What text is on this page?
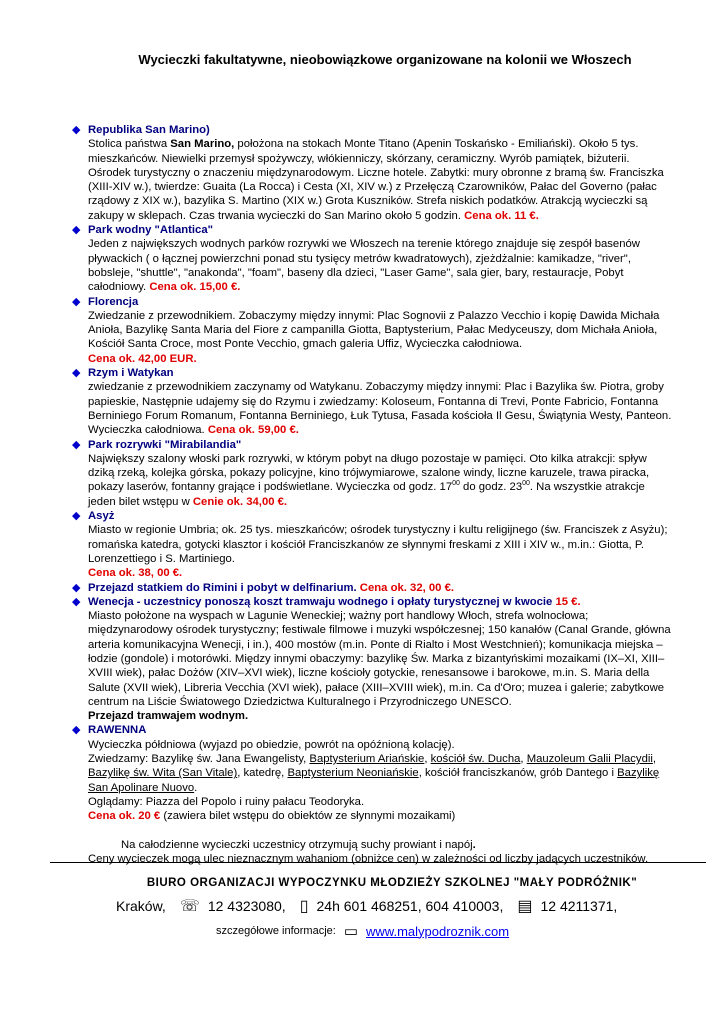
Wycieczki fakultatywne, nieobowiązkowe organizowane na kolonii we Włoszech
◆ Republika San Marino)
Stolica państwa San Marino, położona na stokach Monte Titano (Apenin Toskańsko - Emiliański). Około 5 tys. mieszkańców. Niewielki przemysł spożywczy, włókienniczy, skórzany, ceramiczny. Wyrób pamiątek, biżuterii. Ośrodek turystyczny o znaczeniu międzynarodowym. Liczne hotele. Zabytki: mury obronne z bramą św. Franciszka (XIII-XIV w.), twierdze: Guaita (La Rocca) i Cesta (XI, XIV w.) z Przełęczą Czarowników, Pałac del Governo (pałac rządowy z XIX w.), bazylika S. Martino (XIX w.) Grota Kuszników. Strefa niskich podatków. Atrakcją wycieczki są zakupy w sklepach. Czas trwania wycieczki do San Marino około 5 godzin. Cena ok. 11 €.
◆ Park wodny "Atlantica"
Jeden z największych wodnych parków rozrywki we Włoszech na terenie którego znajduje się zespół basenów pływackich ( o łącznej powierzchni ponad stu tysięcy metrów kwadratowych), zjeżdżalnie: kamikadze, "river", bobsleje, "shuttle", "anakonda", "foam", baseny dla dzieci, "Laser Game", sala gier, bary, restauracje, Pobyt całodniowy. Cena ok. 15,00 €.
◆ Florencja
Zwiedzanie z przewodnikiem. Zobaczymy między innymi: Plac Sognovii z Palazzo Vecchio i kopię Dawida Michała Anioła, Bazylikę Santa Maria del Fiore z campanilla Giotta, Baptysterium, Pałac Medyceuszy, dom Michała Anioła, Kościół Santa Croce, most Ponte Vecchio, gmach galeria Uffiz, Wycieczka całodniowa.
Cena ok. 42,00 EUR.
◆ Rzym i Watykan
zwiedzanie z przewodnikiem zaczynamy od Watykanu. Zobaczymy między innymi: Plac i Bazylika św. Piotra, groby papieskie, Następnie udajemy się do Rzymu i zwiedzamy: Koloseum, Fontanna di Trevi, Ponte Fabricio, Fontanna Berniniego Forum Romanum, Fontanna Berniniego, Łuk Tytusa, Fasada kościoła Il Gesu, Świątynia Westy, Panteon. Wycieczka całodniowa. Cena ok. 59,00 €.
◆ Park rozrywki "Mirabilandia"
Największy szalony włoski park rozrywki, w którym pobyt na długo pozostaje w pamięci. Oto kilka atrakcji: spływ dziką rzeką, kolejka górska, pokazy policyjne, kino trójwymiarowe, szalone windy, liczne karuzele, trawa piracka, pokazy laserów, fontanny grające i podświetlane. Wycieczka od godz. $17^{00}$ do godz. $23^{00}$. Na wszystkie atrakcje jeden bilet wstępu w Cenie ok. 34,00 €.
◆ Asyż
Miasto w regionie Umbria; ok. 25 tys. mieszkańców; ośrodek turystyczny i kultu religijnego (św. Franciszek z Asyżu); romańska katedra, gotycki klasztor i kościół Franciszkanów ze słynnymi freskami z XIII i XIV w., m.in.: Giotta, P. Lorenzettiego i S. Martiniego.
Cena ok. 38, 00 €.
◆ Przejazd statkiem do Rimini i pobyt w delfinarium. Cena ok. 32, 00 €.
◆ Wenecja - uczestnicy ponoszą koszt tramwaju wodnego i opłaty turystycznej w kwocie 15 €.
Miasto położone na wyspach w Lagunie Weneckiej; ważny port handlowy Włoch, strefa wolnocłowa; międzynarodowy ośrodek turystyczny; festiwale filmowe i muzyki współczesnej; 150 kanałów (Canal Grande, główna arteria komunikacyjna Wenecji, i in.), 400 mostów (m.in. Ponte di Rialto i Most Westchnień); komunikacja miejska – łodzie (gondole) i motorówki. Między innymi obaczymy: bazylikę Św. Marka z bizantyńskimi mozaikami (IX–XI, XIII–XVIII wiek), pałac Dożów (XIV–XVI wiek), liczne kościoły gotyckie, renesansowe i barokowe, m.in. S. Maria della Salute (XVII wiek), Libreria Vecchia (XVI wiek), pałace (XIII–XVIII wiek), m.in. Ca d'Oro; muzea i galerie; zabytkowe centrum na Liście Światowego Dziedzictwa Kulturalnego i Przyrodniczego UNESCO.
Przejazd tramwajem wodnym.
◆ RAWENNA
Wycieczka półdniowa (wyjazd po obiedzie, powrót na opóźnioną kolację).
Zwiedzamy: Bazylikę św. Jana Ewangelisty, Baptysterium Ariańskie, kościół św. Ducha, Mauzoleum Galii Placydii, Bazylikę św. Wita (San Vitale), katedrę, Baptysterium Neoniańskie, kościół franciszkanów, grób Dantego i Bazylikę San Apolinare Nuovo.
Oglądamy: Piazza del Popolo i ruiny pałacu Teodoryka.
Cena ok. 20 € (zawiera bilet wstępu do obiektów ze słynnymi mozaikami)
Na całodzienne wycieczki uczestnicy otrzymują suchy prowiant i napój.
Ceny wycieczek mogą ulec nieznacznym wahaniom (obniżce cen) w zależności od liczby jadących uczestników.
BIURO ORGANIZACJI WYPOCZYNKU MŁODZIEŻY SZKOLNEJ "MAŁY PODRÓŻNIK"
Kraków, ☏ 12 4323080, ▯ 24h 601 468251, 604 410003, ▤ 12 4211371,
szczegółowe informacje: ▭ www.malypodroznik.com
